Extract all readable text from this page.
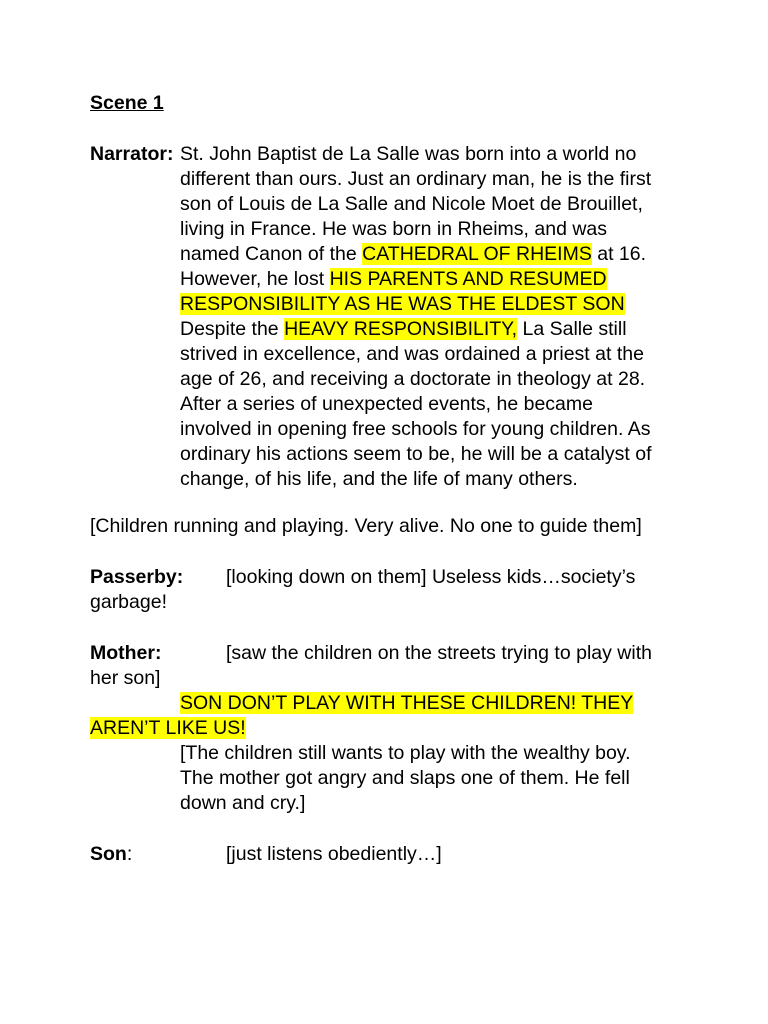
Scene 1
Narrator: St. John Baptist de La Salle was born into a world no
different than ours. Just an ordinary man, he is the first
son of Louis de La Salle and Nicole Moet de Brouillet,
living in France. He was born in Rheims, and was
named Canon of the CATHEDRAL OF RHEIMS at 16.
However, he lost HIS PARENTS AND RESUMED
RESPONSIBILITY AS HE WAS THE ELDEST SON
Despite the HEAVY RESPONSIBILITY, La Salle still
strived in excellence, and was ordained a priest at the
age of 26, and receiving a doctorate in theology at 28.
After a series of unexpected events, he became
involved in opening free schools for young children. As
ordinary his actions seem to be, he will be a catalyst of
change, of his life, and the life of many others.
[Children running and playing. Very alive. No one to guide them]
Passerby: [looking down on them] Useless kids…society’s
garbage!
Mother:	[saw the children on the streets trying to play with
her son]
SON DON’T PLAY WITH THESE CHILDREN! THEY
AREN’T LIKE US!
[The children still wants to play with the wealthy boy.
The mother got angry and slaps one of them. He fell
down and cry.]
Son:	[just listens obediently…]
